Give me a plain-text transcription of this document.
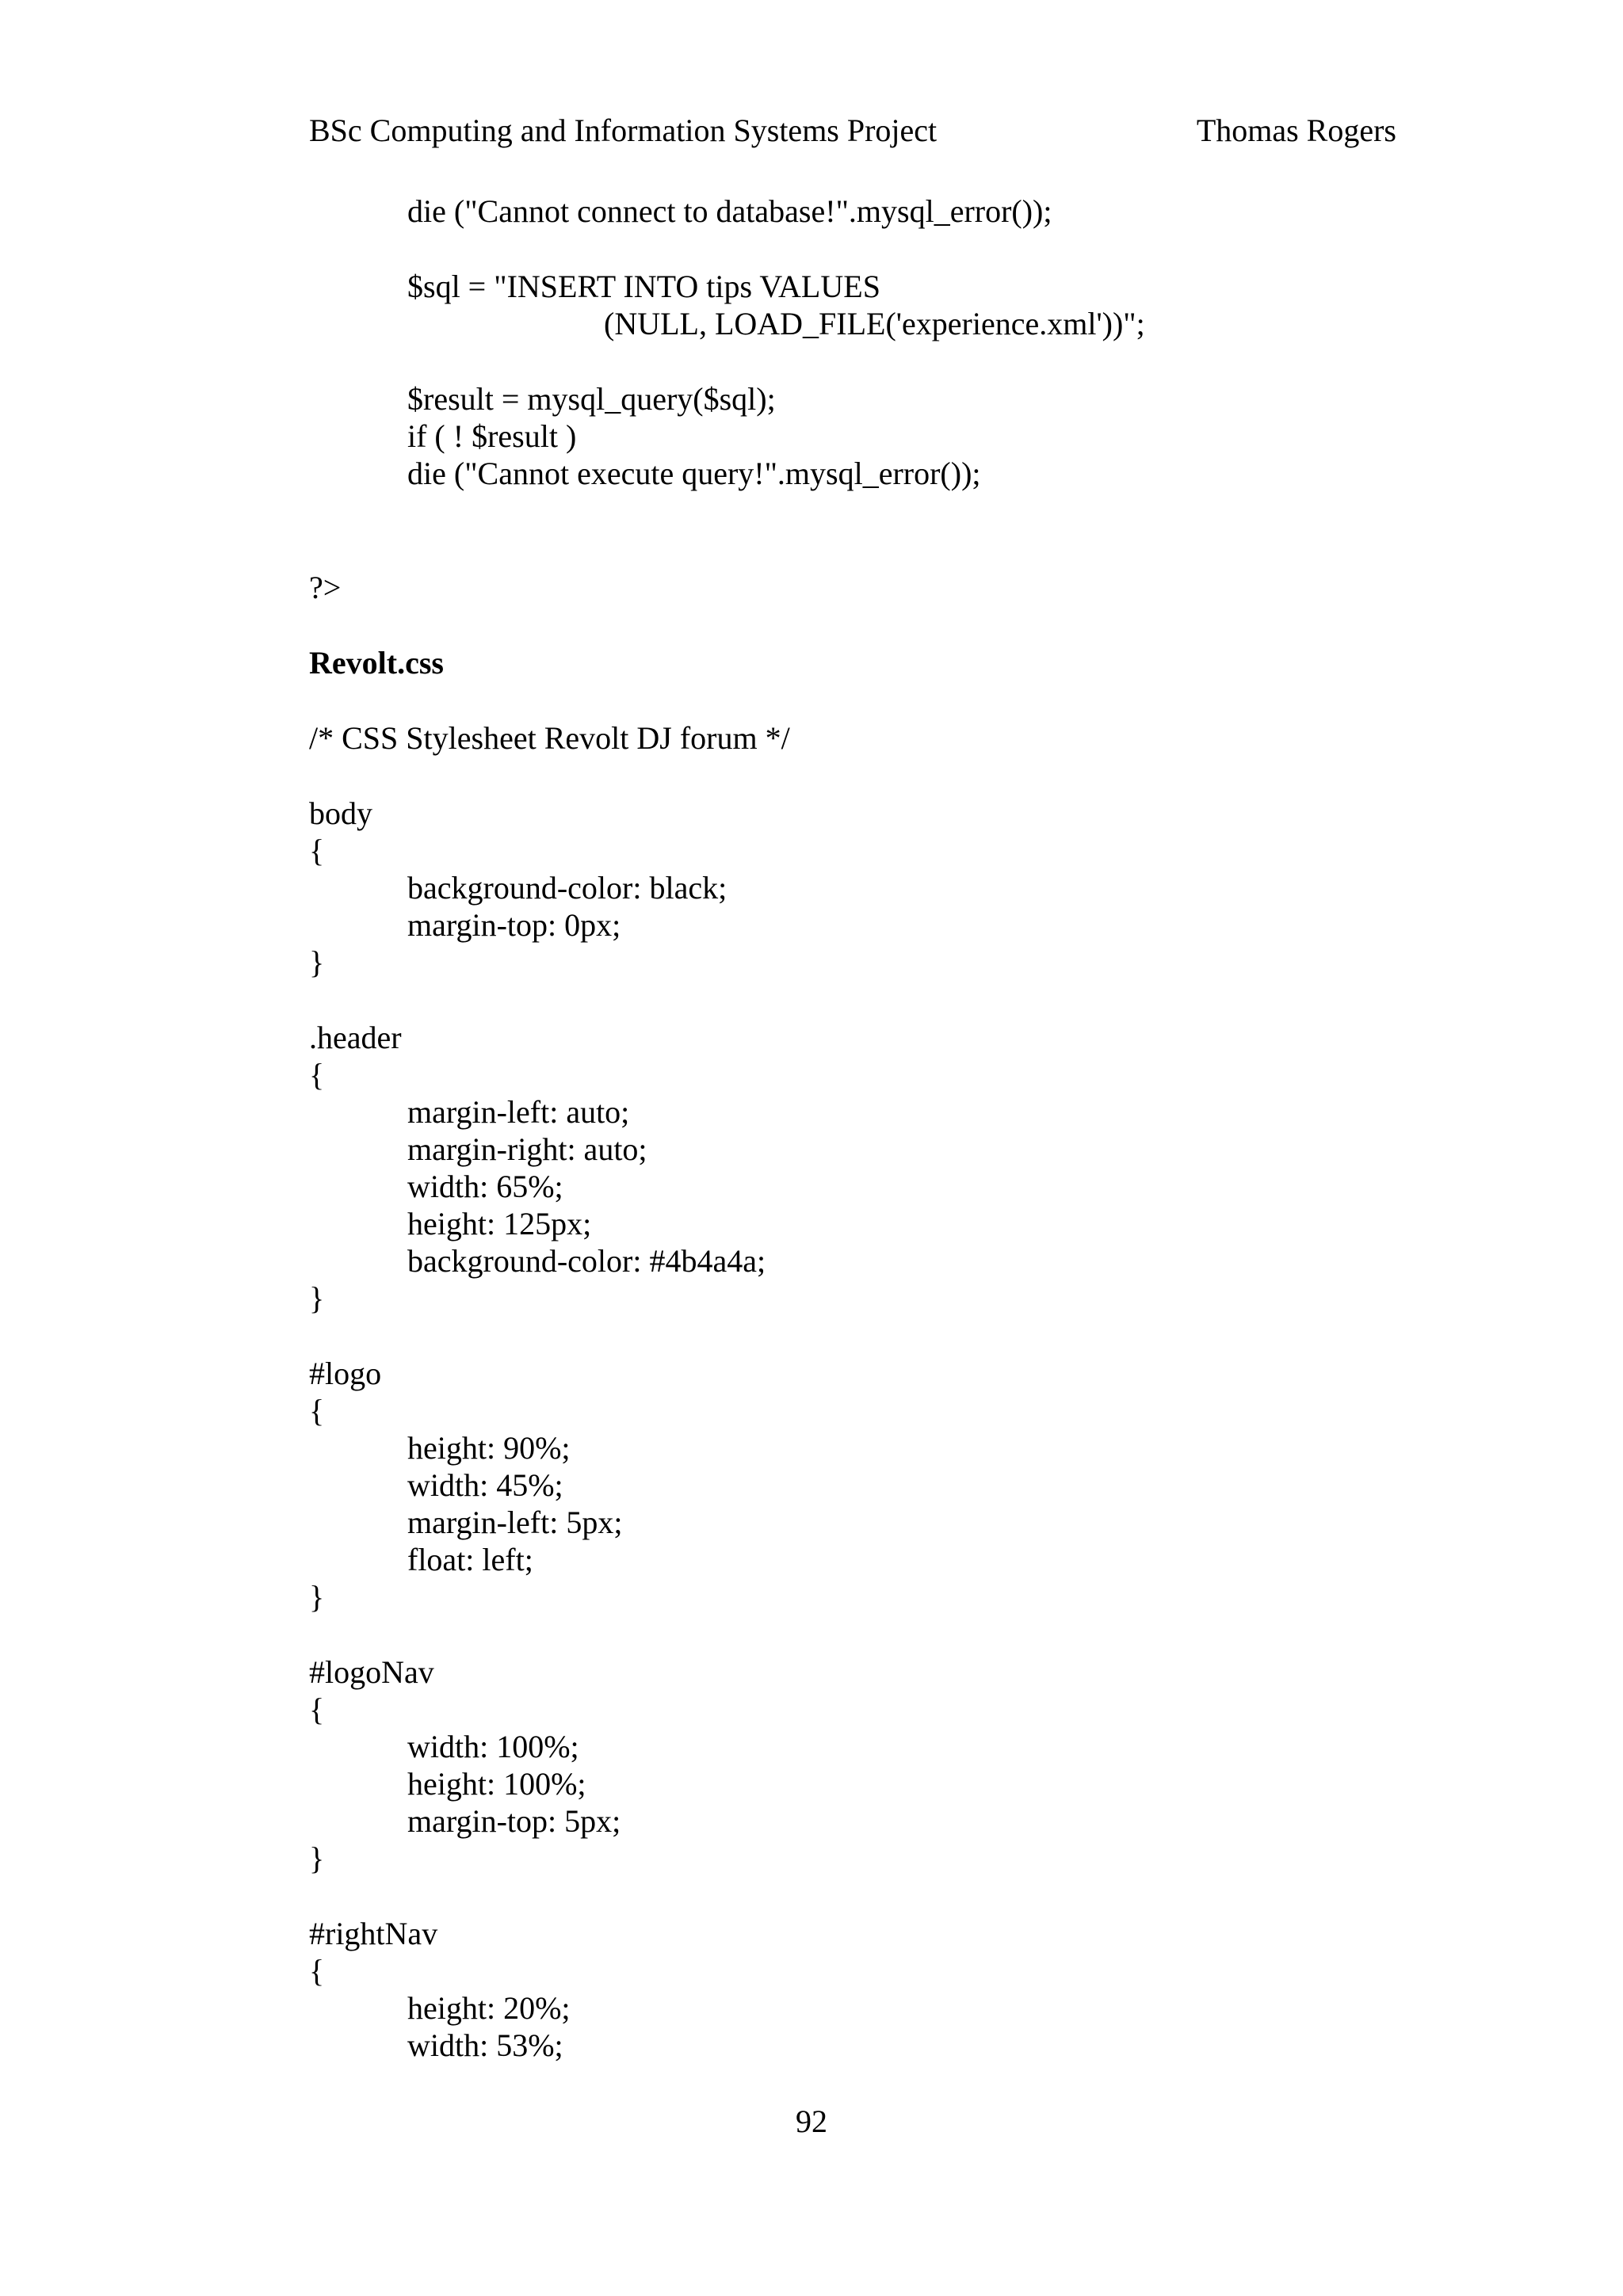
BSc Computing and Information Systems Project	Thomas Rogers
die ("Cannot connect to database!".mysql_error());
$sql = "INSERT INTO tips VALUES
(NULL, LOAD_FILE('experience.xml'))";
$result = mysql_query($sql);
if ( ! $result )
die ("Cannot execute query!".mysql_error());
?>
Revolt.css
/* CSS Stylesheet Revolt DJ forum */
body
{
background-color: black;
margin-top: 0px;
}
.header
{
margin-left: auto;
margin-right: auto;
width: 65%;
height: 125px;
background-color: #4b4a4a;
}
#logo
{
height: 90%;
width: 45%;
margin-left: 5px;
float: left;
}
#logoNav
{
width: 100%;
height: 100%;
margin-top: 5px;
}
#rightNav
{
height: 20%;
width: 53%;
92
